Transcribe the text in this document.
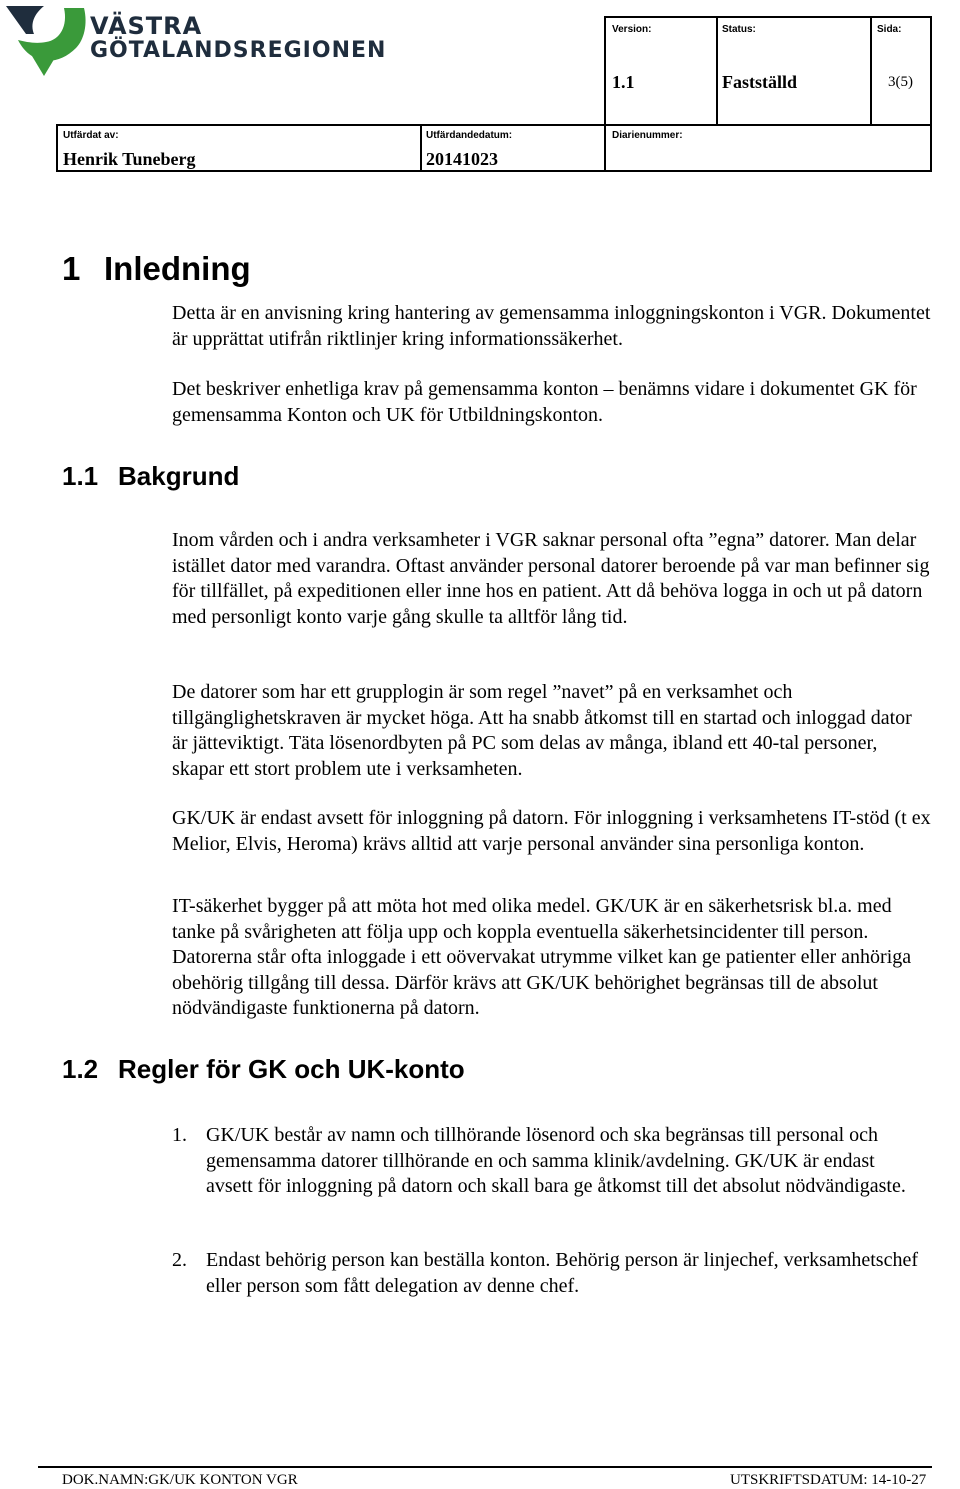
VÄSTRA
GÖTALANDSREGIONEN
Version:
1.1
Status:
Fastställd
Sida:
3(5)
Utfärdat av:
Henrik Tuneberg
Utfärdandedatum:
20141023
Diarienummer:
1 Inledning

Detta är en anvisning kring hantering av gemensamma inloggningskonton i VGR. Dokumentet är upprättat utifrån riktlinjer kring informationssäkerhet.

Det beskriver enhetliga krav på gemensamma konton – benämns vidare i dokumentet GK för gemensamma Konton och UK för Utbildningskonton.

1.1 Bakgrund

Inom vården och i andra verksamheter i VGR saknar personal ofta ”egna” datorer. Man delar istället dator med varandra. Oftast använder personal datorer beroende på var man befinner sig för tillfället, på expeditionen eller inne hos en patient. Att då behöva logga in och ut på datorn med personligt konto varje gång skulle ta alltför lång tid.

De datorer som har ett grupplogin är som regel ”navet” på en verksamhet och tillgänglighetskraven är mycket höga. Att ha snabb åtkomst till en startad och inloggad dator är jätteviktigt. Täta lösenordbyten på PC som delas av många, ibland ett 40-tal personer, skapar ett stort problem ute i verksamheten.

GK/UK är endast avsett för inloggning på datorn. För inloggning i verksamhetens IT-stöd (t ex Melior, Elvis, Heroma) krävs alltid att varje personal använder sina personliga konton.

IT-säkerhet bygger på att möta hot med olika medel. GK/UK är en säkerhetsrisk bl.a. med tanke på svårigheten att följa upp och koppla eventuella säkerhetsincidenter till person. Datorerna står ofta inloggade i ett oövervakat utrymme vilket kan ge patienter eller anhöriga obehörig tillgång till dessa. Därför krävs att GK/UK behörighet begränsas till de absolut nödvändigaste funktionerna på datorn.

1.2 Regler för GK och UK-konto
1. GK/UK består av namn och tillhörande lösenord och ska begränsas till personal och gemensamma datorer tillhörande en och samma klinik/avdelning. GK/UK är endast avsett för inloggning på datorn och skall bara ge åtkomst till det absolut nödvändigaste.

2. Endast behörig person kan beställa konton. Behörig person är linjechef, verksamhetschef eller person som fått delegation av denne chef.

DOK.NAMN:GK/UK KONTON VGR	UTSKRIFTSDATUM: 14-10-27
